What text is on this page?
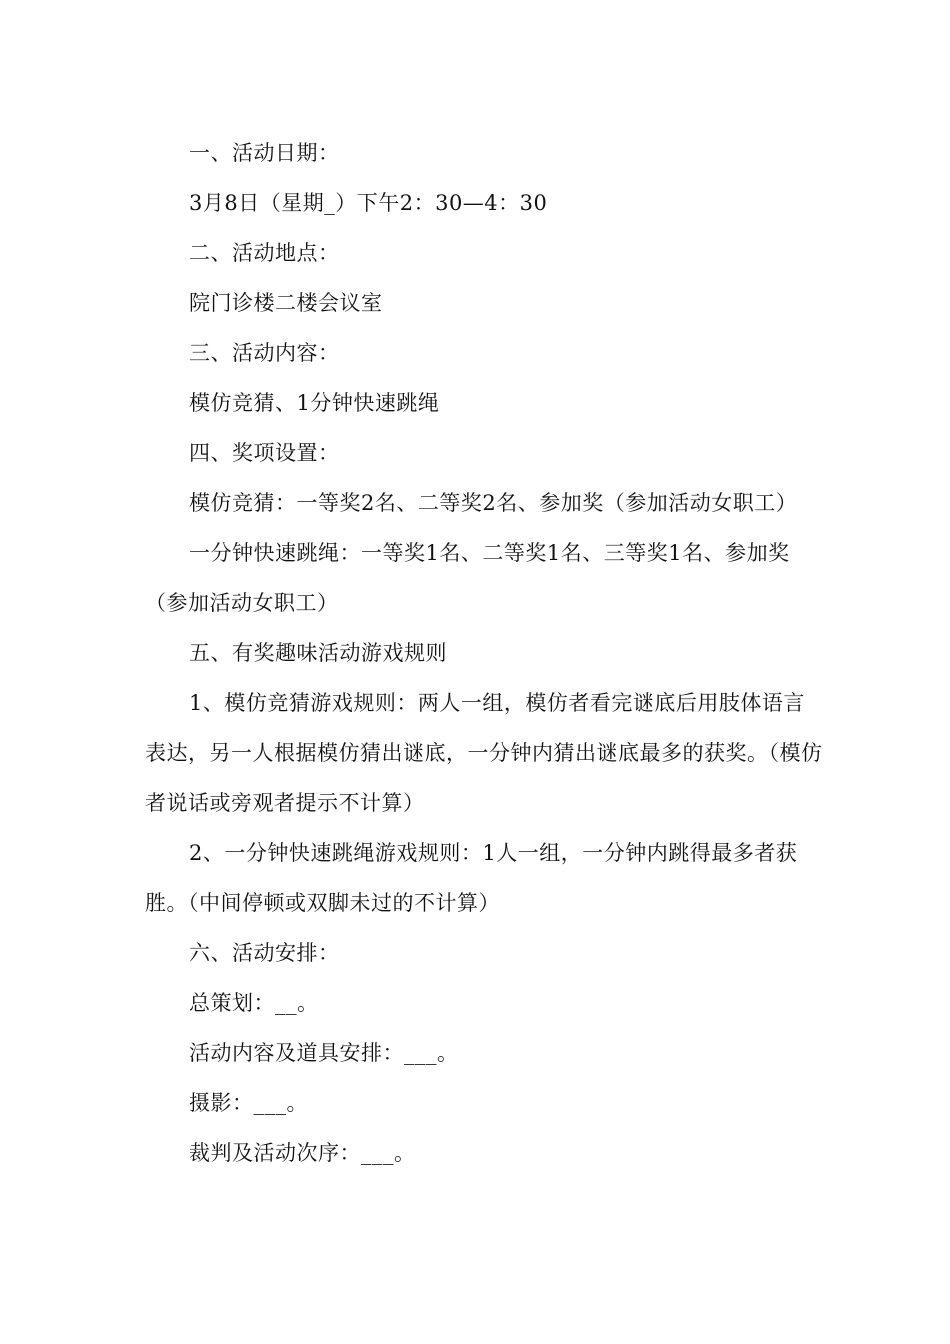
一、活动日期：

3月8日（星期_）下午2：30—4：30

二、活动地点：

院门诊楼二楼会议室

三、活动内容：

模仿竞猜、1分钟快速跳绳

四、奖项设置：

模仿竞猜：一等奖2名、二等奖2名、参加奖（参加活动女职工）

一分钟快速跳绳：一等奖1名、二等奖1名、三等奖1名、参加奖（参加活动女职工）

五、有奖趣味活动游戏规则

1、模仿竞猜游戏规则：两人一组，模仿者看完谜底后用肢体语言表达，另一人根据模仿猜出谜底，一分钟内猜出谜底最多的获奖。（模仿者说话或旁观者提示不计算）

2、一分钟快速跳绳游戏规则：1人一组，一分钟内跳得最多者获胜。（中间停顿或双脚未过的不计算）

六、活动安排：

总策划：__。

活动内容及道具安排：___。

摄影：___。

裁判及活动次序：___。
